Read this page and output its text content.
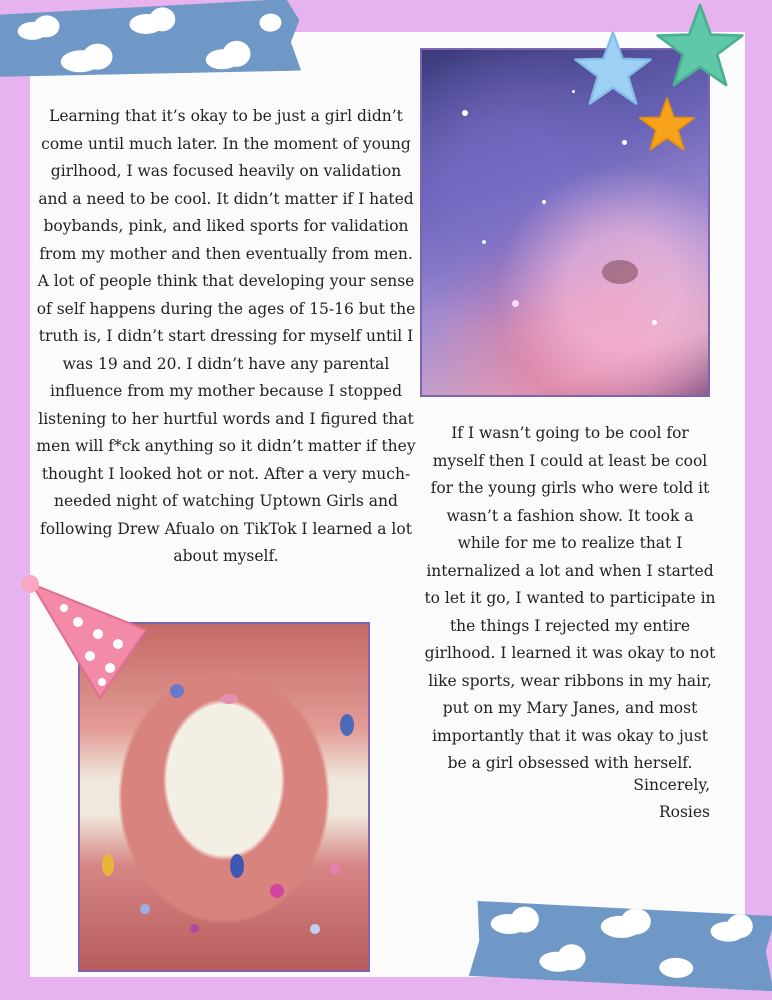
Learning that it’s okay to be just a girl didn’t come until much later. In the moment of young girlhood, I was focused heavily on validation and a need to be cool. It didn’t matter if I hated boybands, pink, and liked sports for validation from my mother and then eventually from men. A lot of people think that developing your sense of self happens during the ages of 15-16 but the truth is, I didn’t start dressing for myself until I was 19 and 20. I didn’t have any parental influence from my mother because I stopped listening to her hurtful words and I figured that men will f*ck anything so it didn’t matter if they thought I looked hot or not. After a very much-needed night of watching Uptown Girls and following Drew Afualo on TikTok I learned a lot about myself.
If I wasn’t going to be cool for myself then I could at least be cool for the young girls who were told it wasn’t a fashion show. It took a while for me to realize that I internalized a lot and when I started to let it go, I wanted to participate in the things I rejected my entire girlhood. I learned it was okay to not like sports, wear ribbons in my hair, put on my Mary Janes, and most importantly that it was okay to just be a girl obsessed with herself.
Sincerely,
Rosies
